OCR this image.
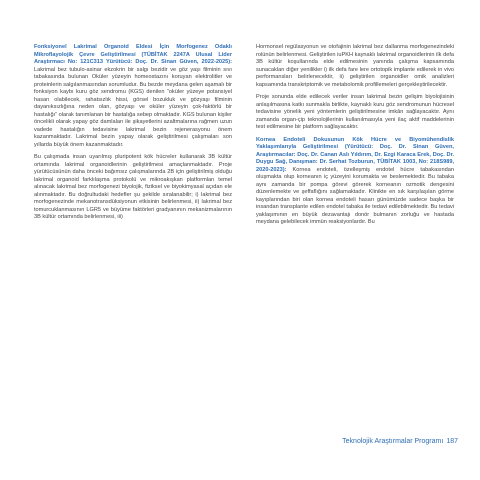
Fonksiyonel Lakrimal Organoid Eldesi İçin Morfogenez Odaklı Mikroflayolojik Çevre Geliştirilmesi (TÜBİTAK 2247A Ulusal Lider Araştırmacı No: 121C313 Yürütücü: Doç. Dr. Sinan Güven, 2022-2025): Lakrimal bez tubulo-asinar ekzokrin bir salgı bezidir ve göz yaşı filminin sıvı tabakasında bulunan Oküler yüzeyin homeostazını koruyan elektrolitler ve proteinlerin salgılanmasından sorumludur. Bu bezde meydana gelen aşamalı bir fonksiyon kaybı kuru göz sendromu (KGS) denilen “oküler yüzeye potansiyel hasarı olabilecek, rahatsızlık hissi, görsel bozukluk ve gözyaşı filminin dayanıksızlığına neden olan, gözyaşı ve oküler yüzeyin çok-faktörlü bir hastalığı” olarak tanımlanan bir hastalığa sebep olmaktadır. KGS bulunan kişiler öncelikli olarak yapay göz damlaları ile şikayetlerini azaltmalarına rağmen uzun vadede hastalığın tedavisine lakrimal bezin rejenerasyonu önem kazanmaktadır. Lakrimal bezin yapay olarak geliştirilmesi çalışmaları son yıllarda büyük önem kazanmaktadır.

Bu çalışmada insan uyarılmış pluripotent kök hücreler kullanarak 3B kültür ortamında lakrimal organoidlerinin geliştirilmesi amaçlanmaktadır. Proje yürütücüsünün daha önceki bağımsız çalışmalarında 2B için geliştirilmiş olduğu lakrimal organoid farklılaşma protokolü ve mikroakışkan platformları temel alınacak lakrimal bez morfogenezi biyolojik, fiziksel ve biyokimyasal açıdan ele alınmaktadır. Bu doğrultudaki hedefler şu şekilde sıralanabilir; i) lakrimal bez morfogenezinde mekanotransdüksiyonun etkisinin belirlenmesi, ii) lakrimal bez tomurcuklanmasının LGR5 ve büyüme faktörleri gradyanının mekanizmalarının 3B kültür ortamında belirlenmesi, iii)

Hormonsel regülasyonun ve otofajinin lakrimal bez dallanma morfogenezindeki rolünün belirlenmesi. Geliştirilen iuPKH kaynaklı lakrimal organoidlerinin ilk defa 3B kültür koşullarında elde edilmesinin yanında çalışma kapsamında sunacakları diğer yenilikler i) ilk defa fare lere ortotopik implante edilerek in vivo performansları belirlenecektir, ii) geliştirilen organoidler omik analizleri kapsamında transkriptomik ve metabolomik profillemeleri gerçekleştirilecektir.

Proje sonunda elde edilecek veriler insan lakrimal bezin gelişim biyolojisinin anlaşılmasına katkı sunmakla birlikte, kaynaklı kuru göz sendromunun hücresel tedavisine yönelik yeni yöntemlerin geliştirilmesine imkân sağlayacaktır. Aynı zamanda organ-çip teknolojilerinin kullanılmasıyla yeni ilaç aktif maddelerinin test edilmesine bir platform sağlayacaktır.

Kornea Endoteli Dokusunun Kök Hücre ve Biyomühendislik Yaklaşımlarıyla Geliştirilmesi (Yürütücü: Doç. Dr. Sinan Güven, Araştırmacılar: Doç. Dr. Canan Aslı Yıldırım, Dr. Ezgi Karaca Erek, Doç. Dr. Duygu Sağ, Danışman: Dr. Serhat Tozburun, TÜBİTAK 1003, No: 218S989, 2020-2023): Kornea endoteli, özelleşmiş endotel hücre tabakasından oluşmakta olup korneanın iç yüzeyini korumakta ve beslemektedir. Bu tabaka aynı zamanda bir pompa görevi görerek korneanın ozmotik dengesini düzenlemekte ve şeffaflığını sağlamaktadır. Klinikte en sık karşılaşılan görme kayıplarından biri olan kornea endoteli hasarı günümüzde sadece başka bir insandan transplante edilen endotel tabaka ile tedavi edilebilmektedir. Bu tedavi yaklaşımının en büyük dezavantajı donör bulmanın zorluğu ve hastada meydana gelebilecek immün reaksiyonlardır. Bu

Teknolojik Araştırmalar Programı 187
